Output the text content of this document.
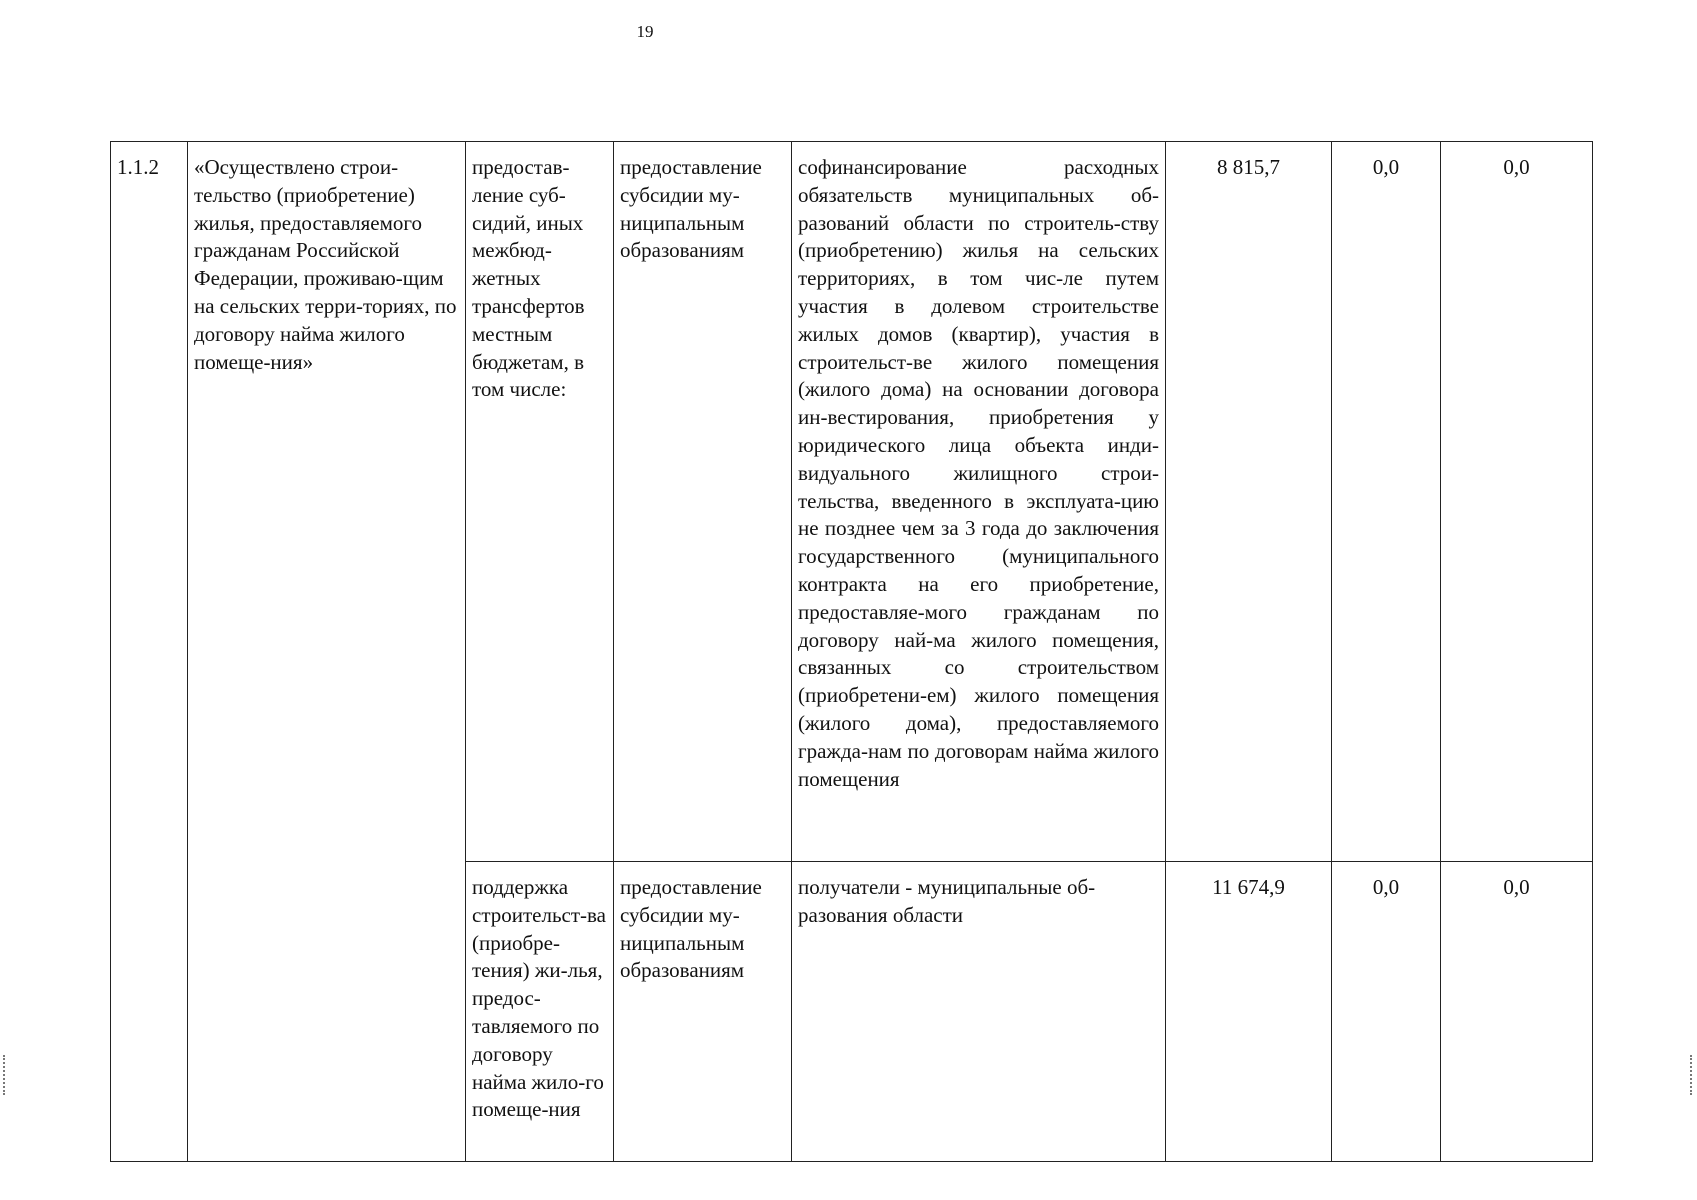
19
1.1.2	«Осуществлено строи-тельство (приобретение) жилья, предоставляемого гражданам Российской Федерации, проживаю-щим на сельских терри-ториях, по договору найма жилого помеще-ния»	предостав-ление суб-сидий, иных межбюд-жетных трансфертов местным бюджетам, в том числе:	предоставление субсидии му-ниципальным образованиям	софинансирование расходных обязательств муниципальных об-разований области по строитель-ству (приобретению) жилья на сельских территориях, в том чис-ле путем участия в долевом строительстве жилых домов (квартир), участия в строительст-ве жилого помещения (жилого дома) на основании договора ин-вестирования, приобретения у юридического лица объекта инди-видуального жилищного строи-тельства, введенного в эксплуата-цию не позднее чем за 3 года до заключения государственного (муниципального контракта на его приобретение, предоставляе-мого гражданам по договору най-ма жилого помещения, связанных со строительством (приобретени-ем) жилого помещения (жилого дома), предоставляемого гражда-нам по договорам найма жилого помещения	8 815,7	0,0	0,0
		поддержка строительст-ва (приобре-тения) жи-лья, предос-тавляемого по договору найма жило-го помеще-ния	предоставление субсидии му-ниципальным образованиям	получатели - муниципальные об-разования области	11 674,9	0,0	0,0
